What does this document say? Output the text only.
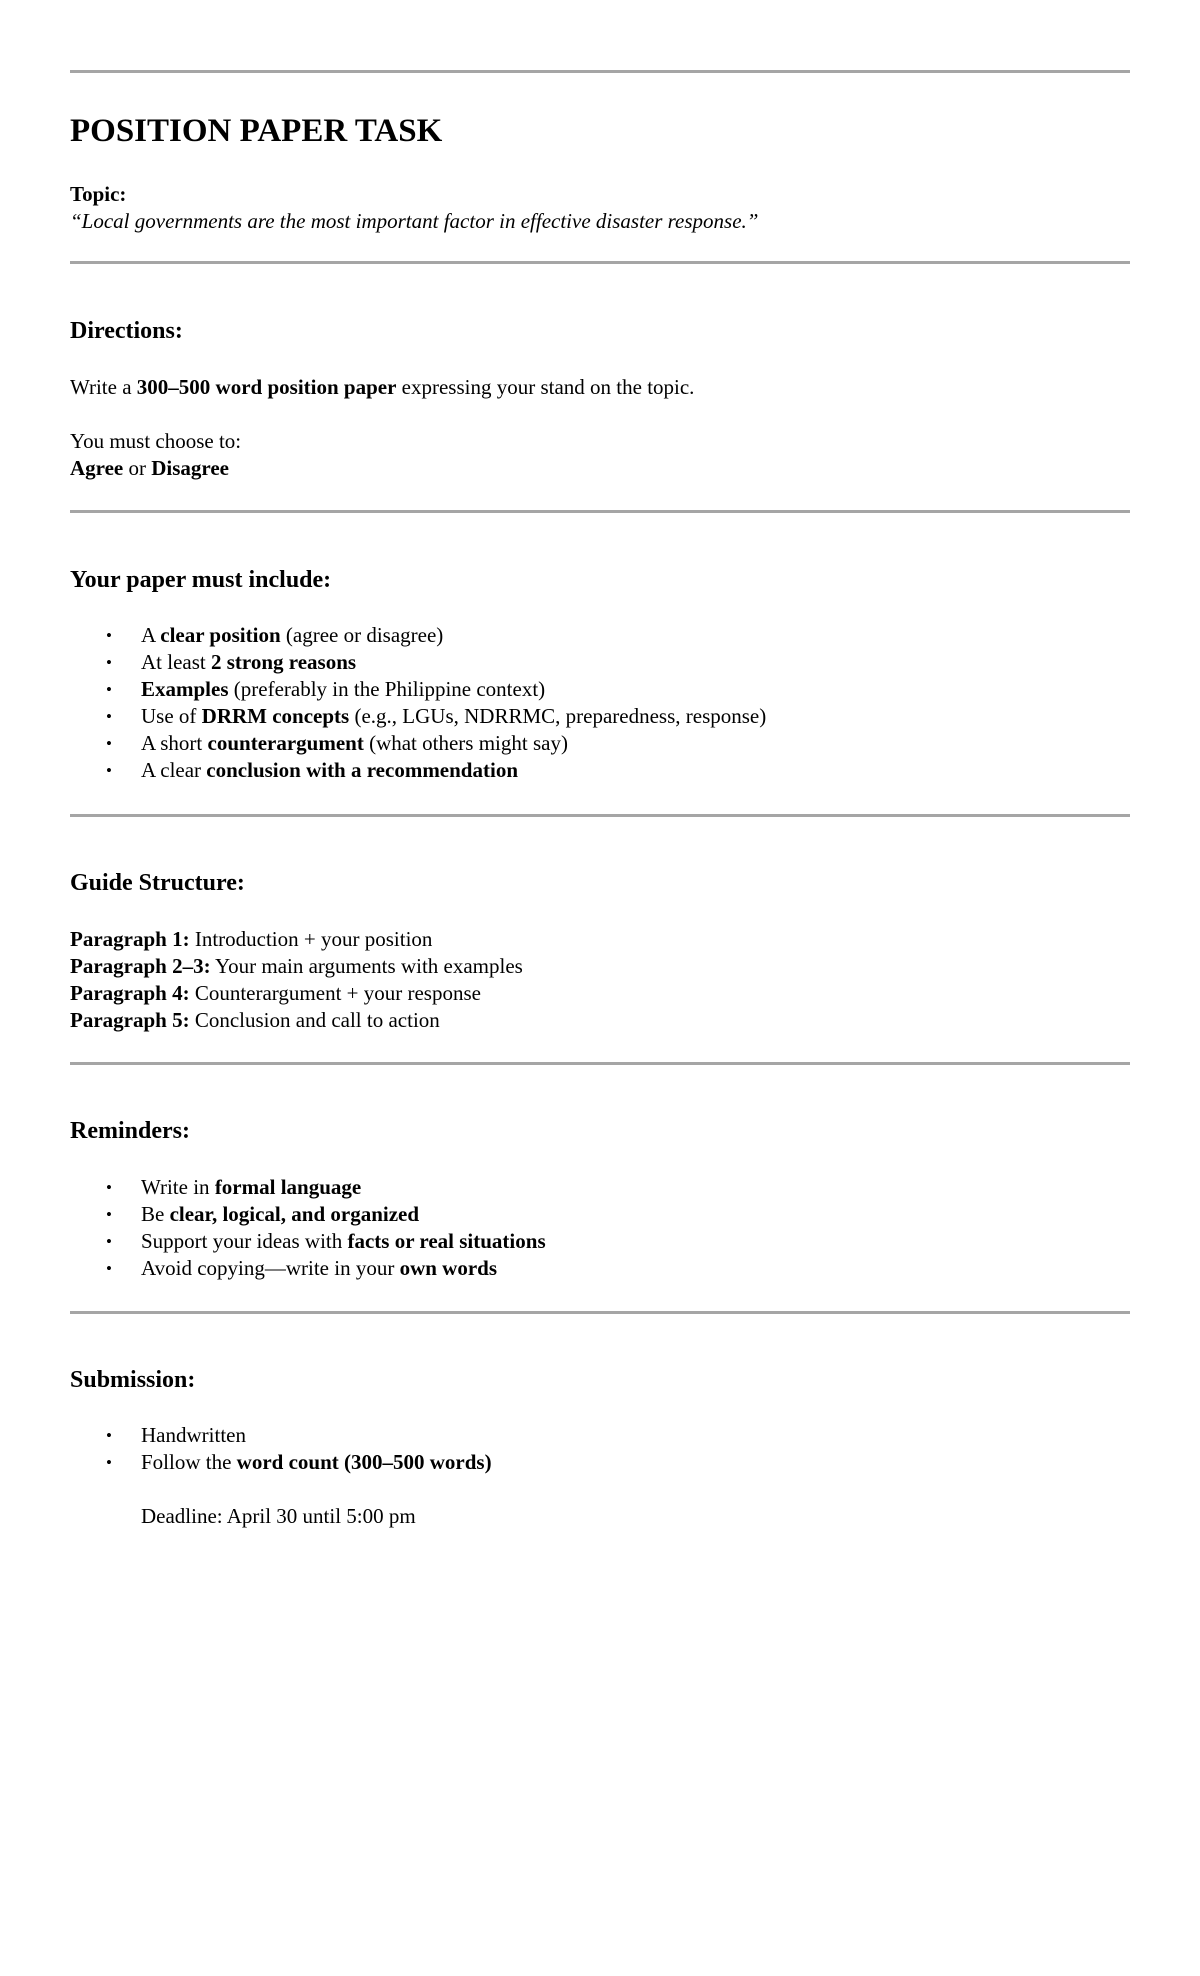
POSITION PAPER TASK
Topic:
“Local governments are the most important factor in effective disaster response.”
Directions:
Write a 300–500 word position paper expressing your stand on the topic.
You must choose to:
Agree or Disagree
Your paper must include:
• A clear position (agree or disagree)
• At least 2 strong reasons
• Examples (preferably in the Philippine context)
• Use of DRRM concepts (e.g., LGUs, NDRRMC, preparedness, response)
• A short counterargument (what others might say)
• A clear conclusion with a recommendation
Guide Structure:
Paragraph 1: Introduction + your position
Paragraph 2–3: Your main arguments with examples
Paragraph 4: Counterargument + your response
Paragraph 5: Conclusion and call to action
Reminders:
• Write in formal language
• Be clear, logical, and organized
• Support your ideas with facts or real situations
• Avoid copying—write in your own words
Submission:
• Handwritten
• Follow the word count (300–500 words)
Deadline: April 30 until 5:00 pm
